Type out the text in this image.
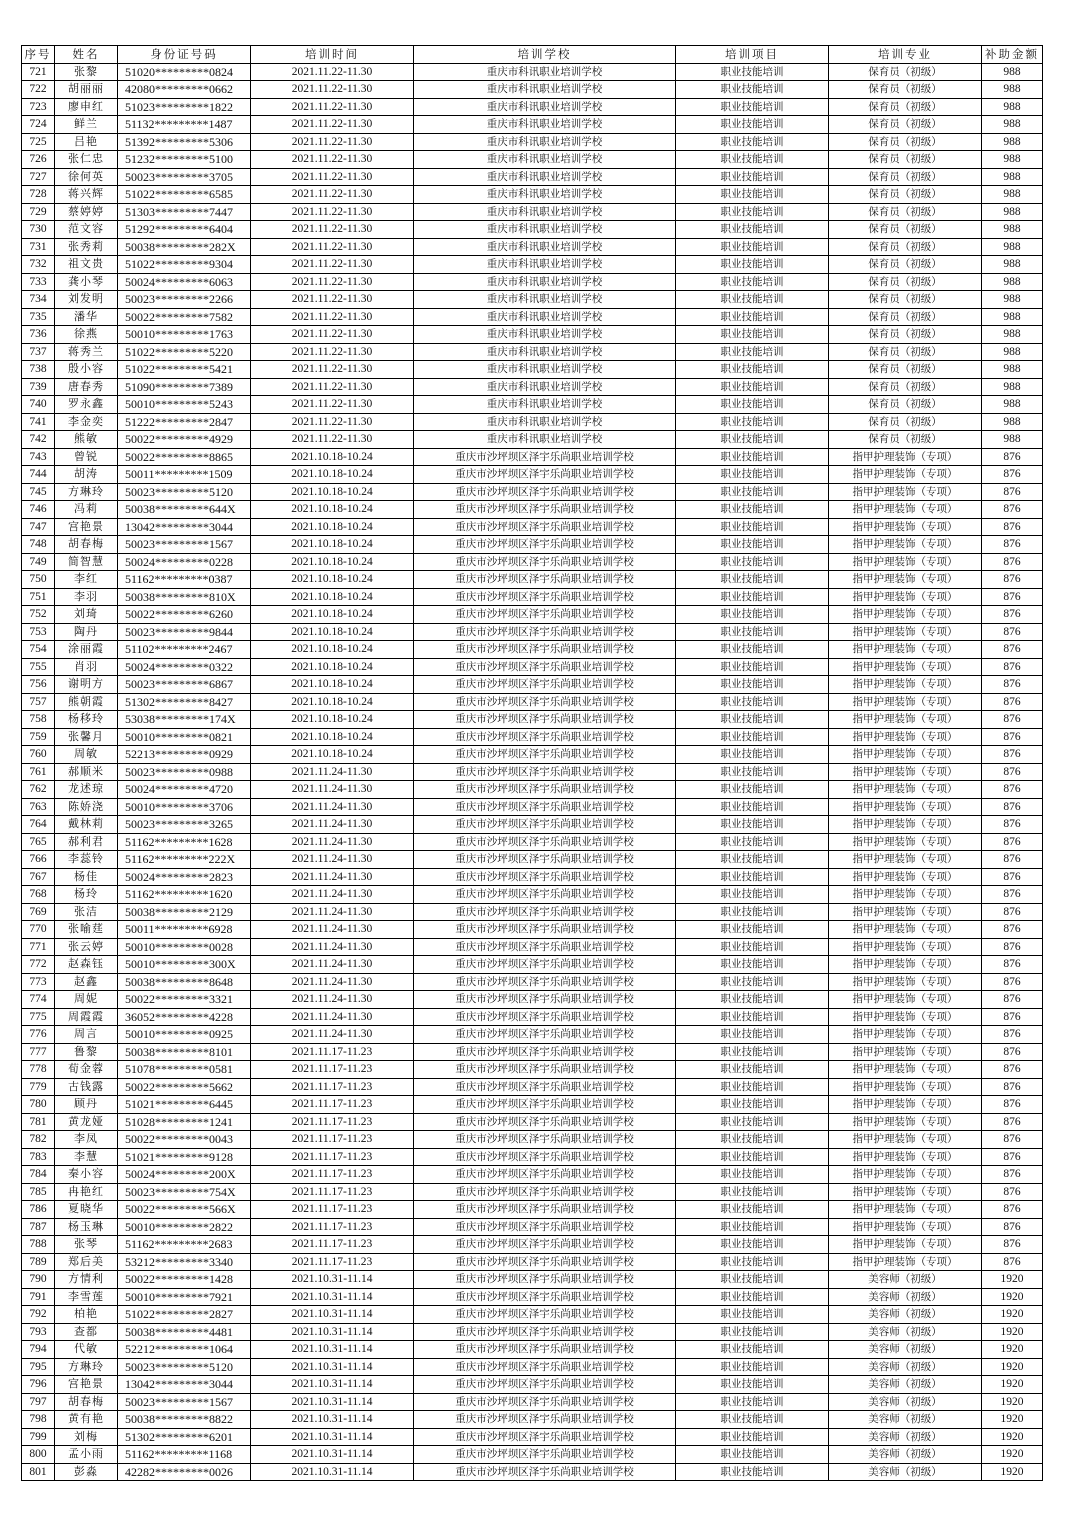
序号	姓名	身份证号码	培训时间	培训学校	培训项目	培训专业	补助金额
721	张黎	51020*********0824	2021.11.22-11.30	重庆市科讯职业培训学校	职业技能培训	保育员（初级）	988
722	胡丽丽	42080*********0662	2021.11.22-11.30	重庆市科讯职业培训学校	职业技能培训	保育员（初级）	988
723	廖申红	51023*********1822	2021.11.22-11.30	重庆市科讯职业培训学校	职业技能培训	保育员（初级）	988
724	鲜兰	51132*********1487	2021.11.22-11.30	重庆市科讯职业培训学校	职业技能培训	保育员（初级）	988
725	吕艳	51392*********5306	2021.11.22-11.30	重庆市科讯职业培训学校	职业技能培训	保育员（初级）	988
726	张仁忠	51232*********5100	2021.11.22-11.30	重庆市科讯职业培训学校	职业技能培训	保育员（初级）	988
727	徐何英	50023*********3705	2021.11.22-11.30	重庆市科讯职业培训学校	职业技能培训	保育员（初级）	988
728	蒋兴辉	51022*********6585	2021.11.22-11.30	重庆市科讯职业培训学校	职业技能培训	保育员（初级）	988
729	蔡婷婷	51303*********7447	2021.11.22-11.30	重庆市科讯职业培训学校	职业技能培训	保育员（初级）	988
730	范文容	51292*********6404	2021.11.22-11.30	重庆市科讯职业培训学校	职业技能培训	保育员（初级）	988
731	张秀莉	50038*********282X	2021.11.22-11.30	重庆市科讯职业培训学校	职业技能培训	保育员（初级）	988
732	祖文贵	51022*********9304	2021.11.22-11.30	重庆市科讯职业培训学校	职业技能培训	保育员（初级）	988
733	龚小琴	50024*********6063	2021.11.22-11.30	重庆市科讯职业培训学校	职业技能培训	保育员（初级）	988
734	刘发明	50023*********2266	2021.11.22-11.30	重庆市科讯职业培训学校	职业技能培训	保育员（初级）	988
735	潘华	50022*********7582	2021.11.22-11.30	重庆市科讯职业培训学校	职业技能培训	保育员（初级）	988
736	徐燕	50010*********1763	2021.11.22-11.30	重庆市科讯职业培训学校	职业技能培训	保育员（初级）	988
737	蒋秀兰	51022*********5220	2021.11.22-11.30	重庆市科讯职业培训学校	职业技能培训	保育员（初级）	988
738	殷小容	51022*********5421	2021.11.22-11.30	重庆市科讯职业培训学校	职业技能培训	保育员（初级）	988
739	唐春秀	51090*********7389	2021.11.22-11.30	重庆市科讯职业培训学校	职业技能培训	保育员（初级）	988
740	罗永鑫	50010*********5243	2021.11.22-11.30	重庆市科讯职业培训学校	职业技能培训	保育员（初级）	988
741	李金奕	51222*********2847	2021.11.22-11.30	重庆市科讯职业培训学校	职业技能培训	保育员（初级）	988
742	熊敏	50022*********4929	2021.11.22-11.30	重庆市科讯职业培训学校	职业技能培训	保育员（初级）	988
743	曾锐	50022*********8865	2021.10.18-10.24	重庆市沙坪坝区泽宇乐尚职业培训学校	职业技能培训	指甲护理装饰（专项）	876
744	胡涛	50011*********1509	2021.10.18-10.24	重庆市沙坪坝区泽宇乐尚职业培训学校	职业技能培训	指甲护理装饰（专项）	876
745	方琳玲	50023*********5120	2021.10.18-10.24	重庆市沙坪坝区泽宇乐尚职业培训学校	职业技能培训	指甲护理装饰（专项）	876
746	冯莉	50038*********644X	2021.10.18-10.24	重庆市沙坪坝区泽宇乐尚职业培训学校	职业技能培训	指甲护理装饰（专项）	876
747	宫艳景	13042*********3044	2021.10.18-10.24	重庆市沙坪坝区泽宇乐尚职业培训学校	职业技能培训	指甲护理装饰（专项）	876
748	胡春梅	50023*********1567	2021.10.18-10.24	重庆市沙坪坝区泽宇乐尚职业培训学校	职业技能培训	指甲护理装饰（专项）	876
749	简智慧	50024*********0228	2021.10.18-10.24	重庆市沙坪坝区泽宇乐尚职业培训学校	职业技能培训	指甲护理装饰（专项）	876
750	李红	51162*********0387	2021.10.18-10.24	重庆市沙坪坝区泽宇乐尚职业培训学校	职业技能培训	指甲护理装饰（专项）	876
751	李羽	50038*********810X	2021.10.18-10.24	重庆市沙坪坝区泽宇乐尚职业培训学校	职业技能培训	指甲护理装饰（专项）	876
752	刘琦	50022*********6260	2021.10.18-10.24	重庆市沙坪坝区泽宇乐尚职业培训学校	职业技能培训	指甲护理装饰（专项）	876
753	陶丹	50023*********9844	2021.10.18-10.24	重庆市沙坪坝区泽宇乐尚职业培训学校	职业技能培训	指甲护理装饰（专项）	876
754	涂丽霞	51102*********2467	2021.10.18-10.24	重庆市沙坪坝区泽宇乐尚职业培训学校	职业技能培训	指甲护理装饰（专项）	876
755	肖羽	50024*********0322	2021.10.18-10.24	重庆市沙坪坝区泽宇乐尚职业培训学校	职业技能培训	指甲护理装饰（专项）	876
756	谢明方	50023*********6867	2021.10.18-10.24	重庆市沙坪坝区泽宇乐尚职业培训学校	职业技能培训	指甲护理装饰（专项）	876
757	熊朝霞	51302*********8427	2021.10.18-10.24	重庆市沙坪坝区泽宇乐尚职业培训学校	职业技能培训	指甲护理装饰（专项）	876
758	杨移玲	53038*********174X	2021.10.18-10.24	重庆市沙坪坝区泽宇乐尚职业培训学校	职业技能培训	指甲护理装饰（专项）	876
759	张馨月	50010*********0821	2021.10.18-10.24	重庆市沙坪坝区泽宇乐尚职业培训学校	职业技能培训	指甲护理装饰（专项）	876
760	周敏	52213*********0929	2021.10.18-10.24	重庆市沙坪坝区泽宇乐尚职业培训学校	职业技能培训	指甲护理装饰（专项）	876
761	郝顺米	50023*********0988	2021.11.24-11.30	重庆市沙坪坝区泽宇乐尚职业培训学校	职业技能培训	指甲护理装饰（专项）	876
762	龙述琼	50024*********4720	2021.11.24-11.30	重庆市沙坪坝区泽宇乐尚职业培训学校	职业技能培训	指甲护理装饰（专项）	876
763	陈娇浇	50010*********3706	2021.11.24-11.30	重庆市沙坪坝区泽宇乐尚职业培训学校	职业技能培训	指甲护理装饰（专项）	876
764	戴林莉	50023*********3265	2021.11.24-11.30	重庆市沙坪坝区泽宇乐尚职业培训学校	职业技能培训	指甲护理装饰（专项）	876
765	郝利君	51162*********1628	2021.11.24-11.30	重庆市沙坪坝区泽宇乐尚职业培训学校	职业技能培训	指甲护理装饰（专项）	876
766	李蕊铃	51162*********222X	2021.11.24-11.30	重庆市沙坪坝区泽宇乐尚职业培训学校	职业技能培训	指甲护理装饰（专项）	876
767	杨佳	50024*********2823	2021.11.24-11.30	重庆市沙坪坝区泽宇乐尚职业培训学校	职业技能培训	指甲护理装饰（专项）	876
768	杨玲	51162*********1620	2021.11.24-11.30	重庆市沙坪坝区泽宇乐尚职业培训学校	职业技能培训	指甲护理装饰（专项）	876
769	张洁	50038*********2129	2021.11.24-11.30	重庆市沙坪坝区泽宇乐尚职业培训学校	职业技能培训	指甲护理装饰（专项）	876
770	张喻莛	50011*********6928	2021.11.24-11.30	重庆市沙坪坝区泽宇乐尚职业培训学校	职业技能培训	指甲护理装饰（专项）	876
771	张云婷	50010*********0028	2021.11.24-11.30	重庆市沙坪坝区泽宇乐尚职业培训学校	职业技能培训	指甲护理装饰（专项）	876
772	赵森钰	50010*********300X	2021.11.24-11.30	重庆市沙坪坝区泽宇乐尚职业培训学校	职业技能培训	指甲护理装饰（专项）	876
773	赵鑫	50038*********8648	2021.11.24-11.30	重庆市沙坪坝区泽宇乐尚职业培训学校	职业技能培训	指甲护理装饰（专项）	876
774	周妮	50022*********3321	2021.11.24-11.30	重庆市沙坪坝区泽宇乐尚职业培训学校	职业技能培训	指甲护理装饰（专项）	876
775	周霞霞	36052*********4228	2021.11.24-11.30	重庆市沙坪坝区泽宇乐尚职业培训学校	职业技能培训	指甲护理装饰（专项）	876
776	周言	50010*********0925	2021.11.24-11.30	重庆市沙坪坝区泽宇乐尚职业培训学校	职业技能培训	指甲护理装饰（专项）	876
777	鲁黎	50038*********8101	2021.11.17-11.23	重庆市沙坪坝区泽宇乐尚职业培训学校	职业技能培训	指甲护理装饰（专项）	876
778	荀金蓉	51078*********0581	2021.11.17-11.23	重庆市沙坪坝区泽宇乐尚职业培训学校	职业技能培训	指甲护理装饰（专项）	876
779	古钱露	50022*********5662	2021.11.17-11.23	重庆市沙坪坝区泽宇乐尚职业培训学校	职业技能培训	指甲护理装饰（专项）	876
780	顾丹	51021*********6445	2021.11.17-11.23	重庆市沙坪坝区泽宇乐尚职业培训学校	职业技能培训	指甲护理装饰（专项）	876
781	黄龙娅	51028*********1241	2021.11.17-11.23	重庆市沙坪坝区泽宇乐尚职业培训学校	职业技能培训	指甲护理装饰（专项）	876
782	李凤	50022*********0043	2021.11.17-11.23	重庆市沙坪坝区泽宇乐尚职业培训学校	职业技能培训	指甲护理装饰（专项）	876
783	李慧	51021*********9128	2021.11.17-11.23	重庆市沙坪坝区泽宇乐尚职业培训学校	职业技能培训	指甲护理装饰（专项）	876
784	秦小容	50024*********200X	2021.11.17-11.23	重庆市沙坪坝区泽宇乐尚职业培训学校	职业技能培训	指甲护理装饰（专项）	876
785	冉艳红	50023*********754X	2021.11.17-11.23	重庆市沙坪坝区泽宇乐尚职业培训学校	职业技能培训	指甲护理装饰（专项）	876
786	夏晓华	50022*********566X	2021.11.17-11.23	重庆市沙坪坝区泽宇乐尚职业培训学校	职业技能培训	指甲护理装饰（专项）	876
787	杨玉琳	50010*********2822	2021.11.17-11.23	重庆市沙坪坝区泽宇乐尚职业培训学校	职业技能培训	指甲护理装饰（专项）	876
788	张琴	51162*********2683	2021.11.17-11.23	重庆市沙坪坝区泽宇乐尚职业培训学校	职业技能培训	指甲护理装饰（专项）	876
789	郑后美	53212*********3340	2021.11.17-11.23	重庆市沙坪坝区泽宇乐尚职业培训学校	职业技能培训	指甲护理装饰（专项）	876
790	方情利	50022*********1428	2021.10.31-11.14	重庆市沙坪坝区泽宇乐尚职业培训学校	职业技能培训	美容师（初级）	1920
791	李雪莲	50010*********7921	2021.10.31-11.14	重庆市沙坪坝区泽宇乐尚职业培训学校	职业技能培训	美容师（初级）	1920
792	柏艳	51022*********2827	2021.10.31-11.14	重庆市沙坪坝区泽宇乐尚职业培训学校	职业技能培训	美容师（初级）	1920
793	查都	50038*********4481	2021.10.31-11.14	重庆市沙坪坝区泽宇乐尚职业培训学校	职业技能培训	美容师（初级）	1920
794	代敏	52212*********1064	2021.10.31-11.14	重庆市沙坪坝区泽宇乐尚职业培训学校	职业技能培训	美容师（初级）	1920
795	方琳玲	50023*********5120	2021.10.31-11.14	重庆市沙坪坝区泽宇乐尚职业培训学校	职业技能培训	美容师（初级）	1920
796	宫艳景	13042*********3044	2021.10.31-11.14	重庆市沙坪坝区泽宇乐尚职业培训学校	职业技能培训	美容师（初级）	1920
797	胡春梅	50023*********1567	2021.10.31-11.14	重庆市沙坪坝区泽宇乐尚职业培训学校	职业技能培训	美容师（初级）	1920
798	黄有艳	50038*********8822	2021.10.31-11.14	重庆市沙坪坝区泽宇乐尚职业培训学校	职业技能培训	美容师（初级）	1920
799	刘梅	51302*********6201	2021.10.31-11.14	重庆市沙坪坝区泽宇乐尚职业培训学校	职业技能培训	美容师（初级）	1920
800	孟小雨	51162*********1168	2021.10.31-11.14	重庆市沙坪坝区泽宇乐尚职业培训学校	职业技能培训	美容师（初级）	1920
801	彭淼	42282*********0026	2021.10.31-11.14	重庆市沙坪坝区泽宇乐尚职业培训学校	职业技能培训	美容师（初级）	1920
